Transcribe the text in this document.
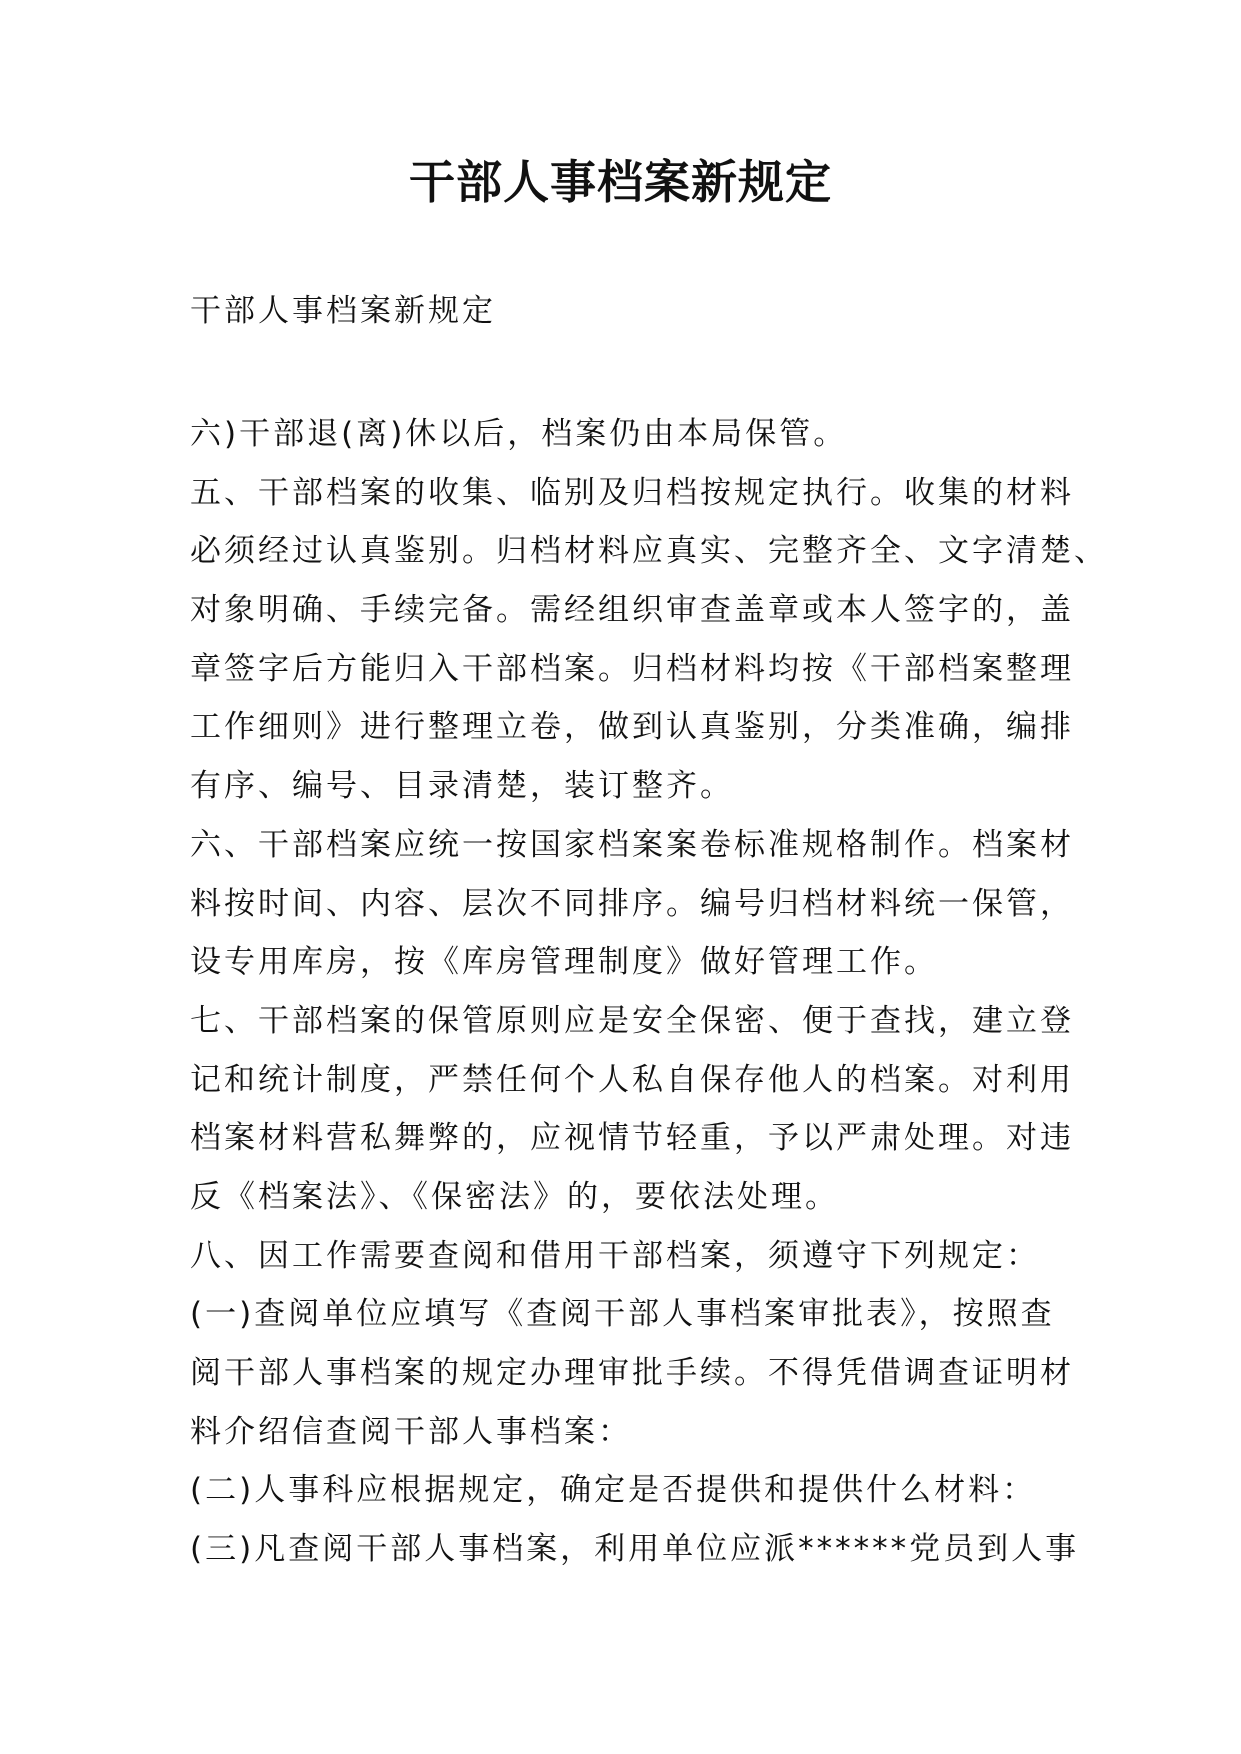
干部人事档案新规定

干部人事档案新规定

六)干部退(离)休以后，档案仍由本局保管。

五、干部档案的收集、临别及归档按规定执行。收集的材料

必须经过认真鉴别。归档材料应真实、完整齐全、文字清楚、

对象明确、手续完备。需经组织审查盖章或本人签字的，盖

章签字后方能归入干部档案。归档材料均按《干部档案整理

工作细则》进行整理立卷，做到认真鉴别，分类准确，编排

有序、编号、目录清楚，装订整齐。

六、干部档案应统一按国家档案案卷标准规格制作。档案材

料按时间、内容、层次不同排序。编号归档材料统一保管，

设专用库房，按《库房管理制度》做好管理工作。

七、干部档案的保管原则应是安全保密、便于查找，建立登

记和统计制度，严禁任何个人私自保存他人的档案。对利用

档案材料营私舞弊的，应视情节轻重，予以严肃处理。对违

反《档案法》、《保密法》的，要依法处理。

八、因工作需要查阅和借用干部档案，须遵守下列规定：

(一)查阅单位应填写《查阅干部人事档案审批表》，按照查

阅干部人事档案的规定办理审批手续。不得凭借调查证明材

料介绍信查阅干部人事档案：

(二)人事科应根据规定，确定是否提供和提供什么材料：

(三)凡查阅干部人事档案，利用单位应派******党员到人事
